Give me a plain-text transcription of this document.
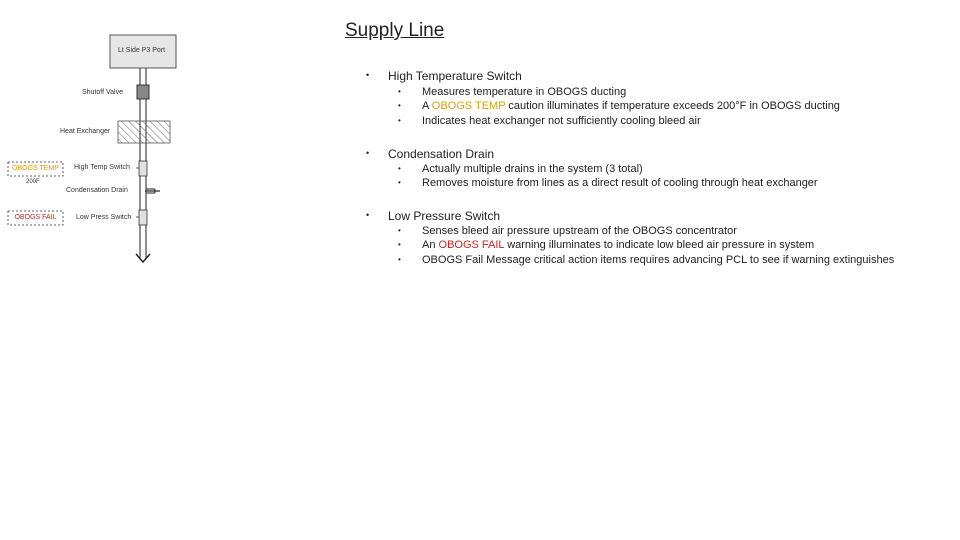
Supply Line
Lt Side P3 Port
Shutoff Valve
Heat Exchanger
High Temp Switch
Condensation Drain
Low Press Switch
OBOGS TEMP
200F
OBOGS FAIL
• High Temperature Switch
• Measures temperature in OBOGS ducting
• A OBOGS TEMP caution illuminates if temperature exceeds 200°F in OBOGS ducting
• Indicates heat exchanger not sufficiently cooling bleed air
• Condensation Drain
• Actually multiple drains in the system (3 total)
• Removes moisture from lines as a direct result of cooling through heat exchanger
• Low Pressure Switch
• Senses bleed air pressure upstream of the OBOGS concentrator
• An OBOGS FAIL warning illuminates to indicate low bleed air pressure in system
• OBOGS Fail Message critical action items requires advancing PCL to see if warning extinguishes
